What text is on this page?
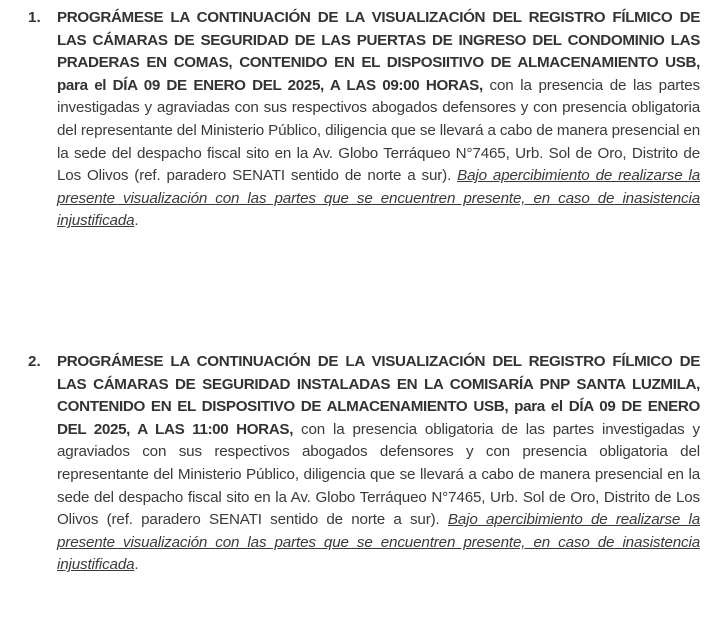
1. PROGRÁMESE LA CONTINUACIÓN DE LA VISUALIZACIÓN DEL REGISTRO FÍLMICO DE LAS CÁMARAS DE SEGURIDAD DE LAS PUERTAS DE INGRESO DEL CONDOMINIO LAS PRADERAS EN COMAS, CONTENIDO EN EL DISPOSIITIVO DE ALMACENAMIENTO USB, para el DÍA 09 DE ENERO DEL 2025, A LAS 09:00 HORAS, con la presencia de las partes investigadas y agraviadas con sus respectivos abogados defensores y con presencia obligatoria del representante del Ministerio Público, diligencia que se llevará a cabo de manera presencial en la sede del despacho fiscal sito en la Av. Globo Terráqueo N°7465, Urb. Sol de Oro, Distrito de Los Olivos (ref. paradero SENATI sentido de norte a sur). Bajo apercibimiento de realizarse la presente visualización con las partes que se encuentren presente, en caso de inasistencia injustificada.
2. PROGRÁMESE LA CONTINUACIÓN DE LA VISUALIZACIÓN DEL REGISTRO FÍLMICO DE LAS CÁMARAS DE SEGURIDAD INSTALADAS EN LA COMISARÍA PNP SANTA LUZMILA, CONTENIDO EN EL DISPOSITIVO DE ALMACENAMIENTO USB, para el DÍA 09 DE ENERO DEL 2025, A LAS 11:00 HORAS, con la presencia obligatoria de las partes investigadas y agraviados con sus respectivos abogados defensores y con presencia obligatoria del representante del Ministerio Público, diligencia que se llevará a cabo de manera presencial en la sede del despacho fiscal sito en la Av. Globo Terráqueo N°7465, Urb. Sol de Oro, Distrito de Los Olivos (ref. paradero SENATI sentido de norte a sur). Bajo apercibimiento de realizarse la presente visualización con las partes que se encuentren presente, en caso de inasistencia injustificada.
